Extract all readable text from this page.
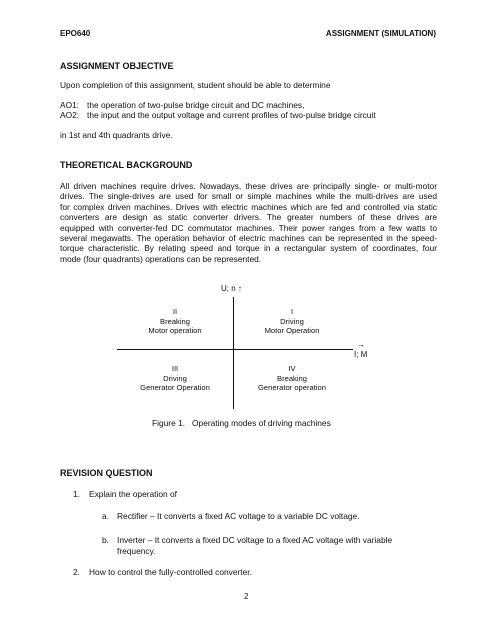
EPO640	ASSIGNMENT (SIMULATION)
ASSIGNMENT OBJECTIVE
Upon completion of this assignment, student should be able to determine
AO1: the operation of two-pulse bridge circuit and DC machines,
AO2: the input and the output voltage and current profiles of two-pulse bridge circuit
in 1st and 4th quadrants drive.
THEORETICAL BACKGROUND
All driven machines require drives. Nowadays, these drives are principally single- or multi-motor
drives. The single-drives are used for small or simple machines while the multi-drives are used
for complex driven machines. Drives with electric machines which are fed and controlled via static
converters are design as static converter drivers. The greater numbers of these drives are
equipped with converter-fed DC commutator machines. Their power ranges from a few watts to
several megawatts. The operation behavior of electric machines can be represented in the speed-
torque characteristic. By relating speed and torque in a rectangular system of coordinates, four
mode (four quadrants) operations can be represented.
U; n ↑
→
I; M
II
Breaking
Motor operation
I
Driving
Motor Operation
III
Driving
Generator Operation
IV
Breaking
Generator operation
Figure 1.   Operating modes of driving machines
REVISION QUESTION
1. Explain the operation of
a. Rectifier – It converts a fixed AC voltage to a variable DC voltage.
b. Inverter – It converts a fixed DC voltage to a fixed AC voltage with variable
frequency.
2. How to control the fully-controlled converter.
2
